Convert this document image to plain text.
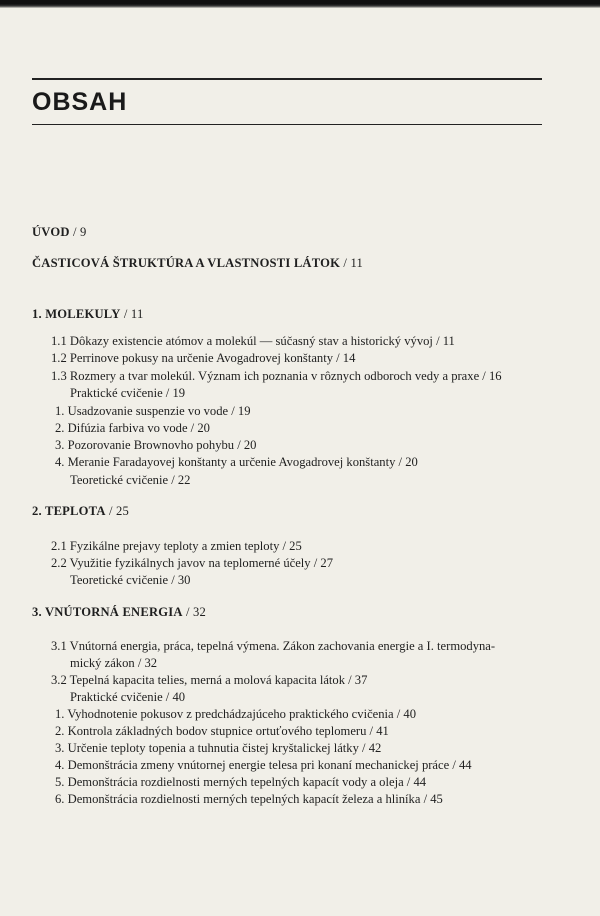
OBSAH
ÚVOD / 9
ČASTICOVÁ ŠTRUKTÚRA A VLASTNOSTI LÁTOK / 11
1. MOLEKULY / 11
1.1 Dôkazy existencie atómov a molekúl — súčasný stav a historický vývoj / 11
1.2 Perrinove pokusy na určenie Avogadrovej konštanty / 14
1.3 Rozmery a tvar molekúl. Význam ich poznania v rôznych odboroch vedy a praxe / 16
Praktické cvičenie / 19
1. Usadzovanie suspenzie vo vode / 19
2. Difúzia farbiva vo vode / 20
3. Pozorovanie Brownovho pohybu / 20
4. Meranie Faradayovej konštanty a určenie Avogadrovej konštanty / 20
Teoretické cvičenie / 22
2. TEPLOTA / 25
2.1 Fyzikálne prejavy teploty a zmien teploty / 25
2.2 Využitie fyzikálnych javov na teplomerné účely / 27
Teoretické cvičenie / 30
3. VNÚTORNÁ ENERGIA / 32
3.1 Vnútorná energia, práca, tepelná výmena. Zákon zachovania energie a I. termodyna-
mický zákon / 32
3.2 Tepelná kapacita telies, merná a molová kapacita látok / 37
Praktické cvičenie / 40
1. Vyhodnotenie pokusov z predchádzajúceho praktického cvičenia / 40
2. Kontrola základných bodov stupnice ortuťového teplomeru / 41
3. Určenie teploty topenia a tuhnutia čistej kryštalickej látky / 42
4. Demonštrácia zmeny vnútornej energie telesa pri konaní mechanickej práce / 44
5. Demonštrácia rozdielnosti merných tepelných kapacít vody a oleja / 44
6. Demonštrácia rozdielnosti merných tepelných kapacít železa a hliníka / 45
